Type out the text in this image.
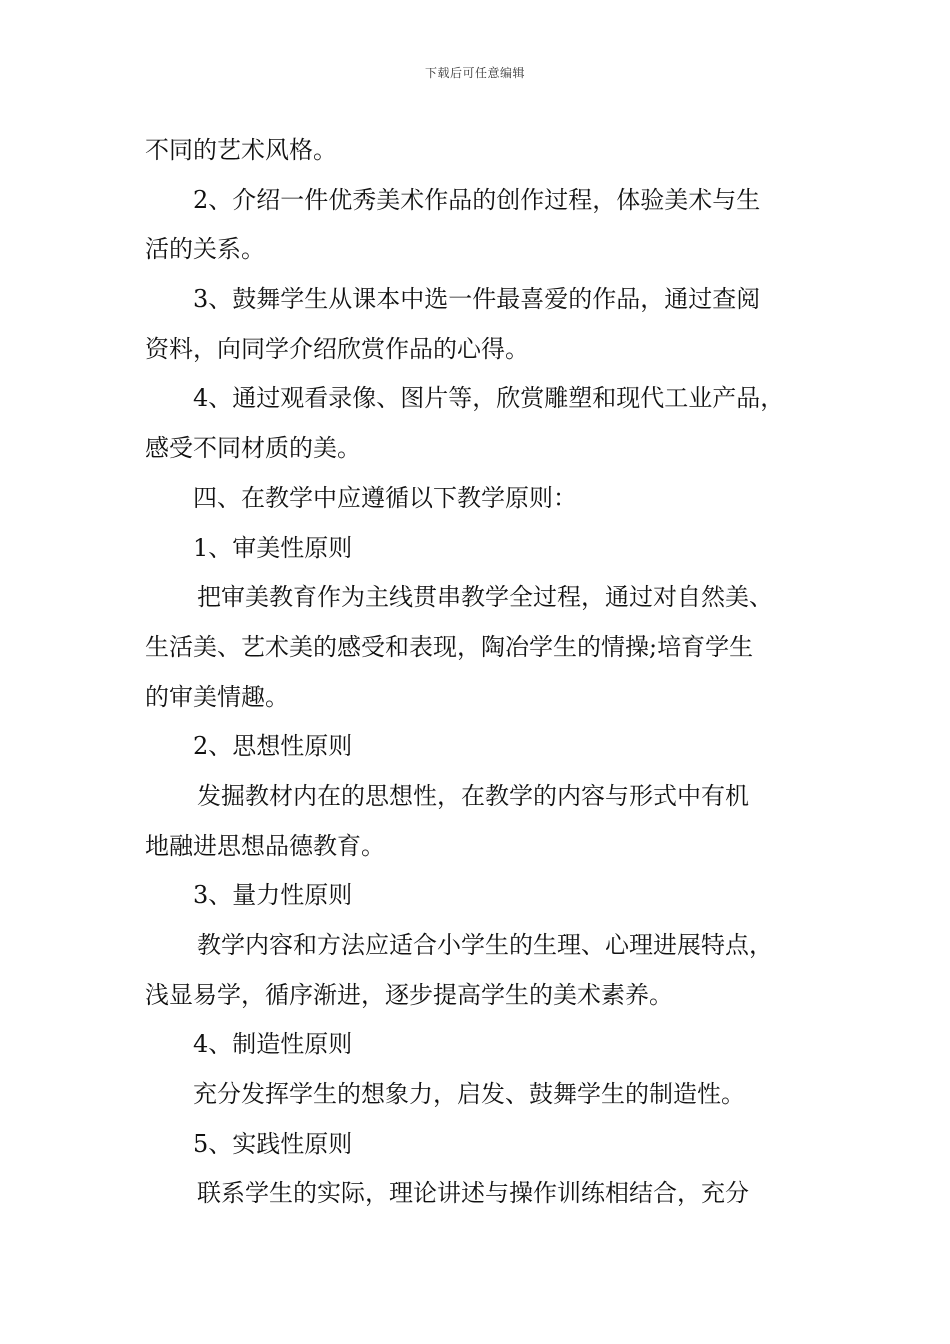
下载后可任意编辑
不同的艺术风格。
2、介绍一件优秀美术作品的创作过程，体验美术与生
活的关系。
3、鼓舞学生从课本中选一件最喜爱的作品，通过查阅
资料，向同学介绍欣赏作品的心得。
4、通过观看录像、图片等，欣赏雕塑和现代工业产品，
感受不同材质的美。
四、在教学中应遵循以下教学原则：
1、审美性原则
把审美教育作为主线贯串教学全过程，通过对自然美、
生活美、艺术美的感受和表现，陶冶学生的情操;培育学生
的审美情趣。
2、思想性原则
发掘教材内在的思想性，在教学的内容与形式中有机
地融进思想品德教育。
3、量力性原则
教学内容和方法应适合小学生的生理、心理进展特点，
浅显易学，循序渐进，逐步提高学生的美术素养。
4、制造性原则
充分发挥学生的想象力，启发、鼓舞学生的制造性。
5、实践性原则
联系学生的实际，理论讲述与操作训练相结合，充分
